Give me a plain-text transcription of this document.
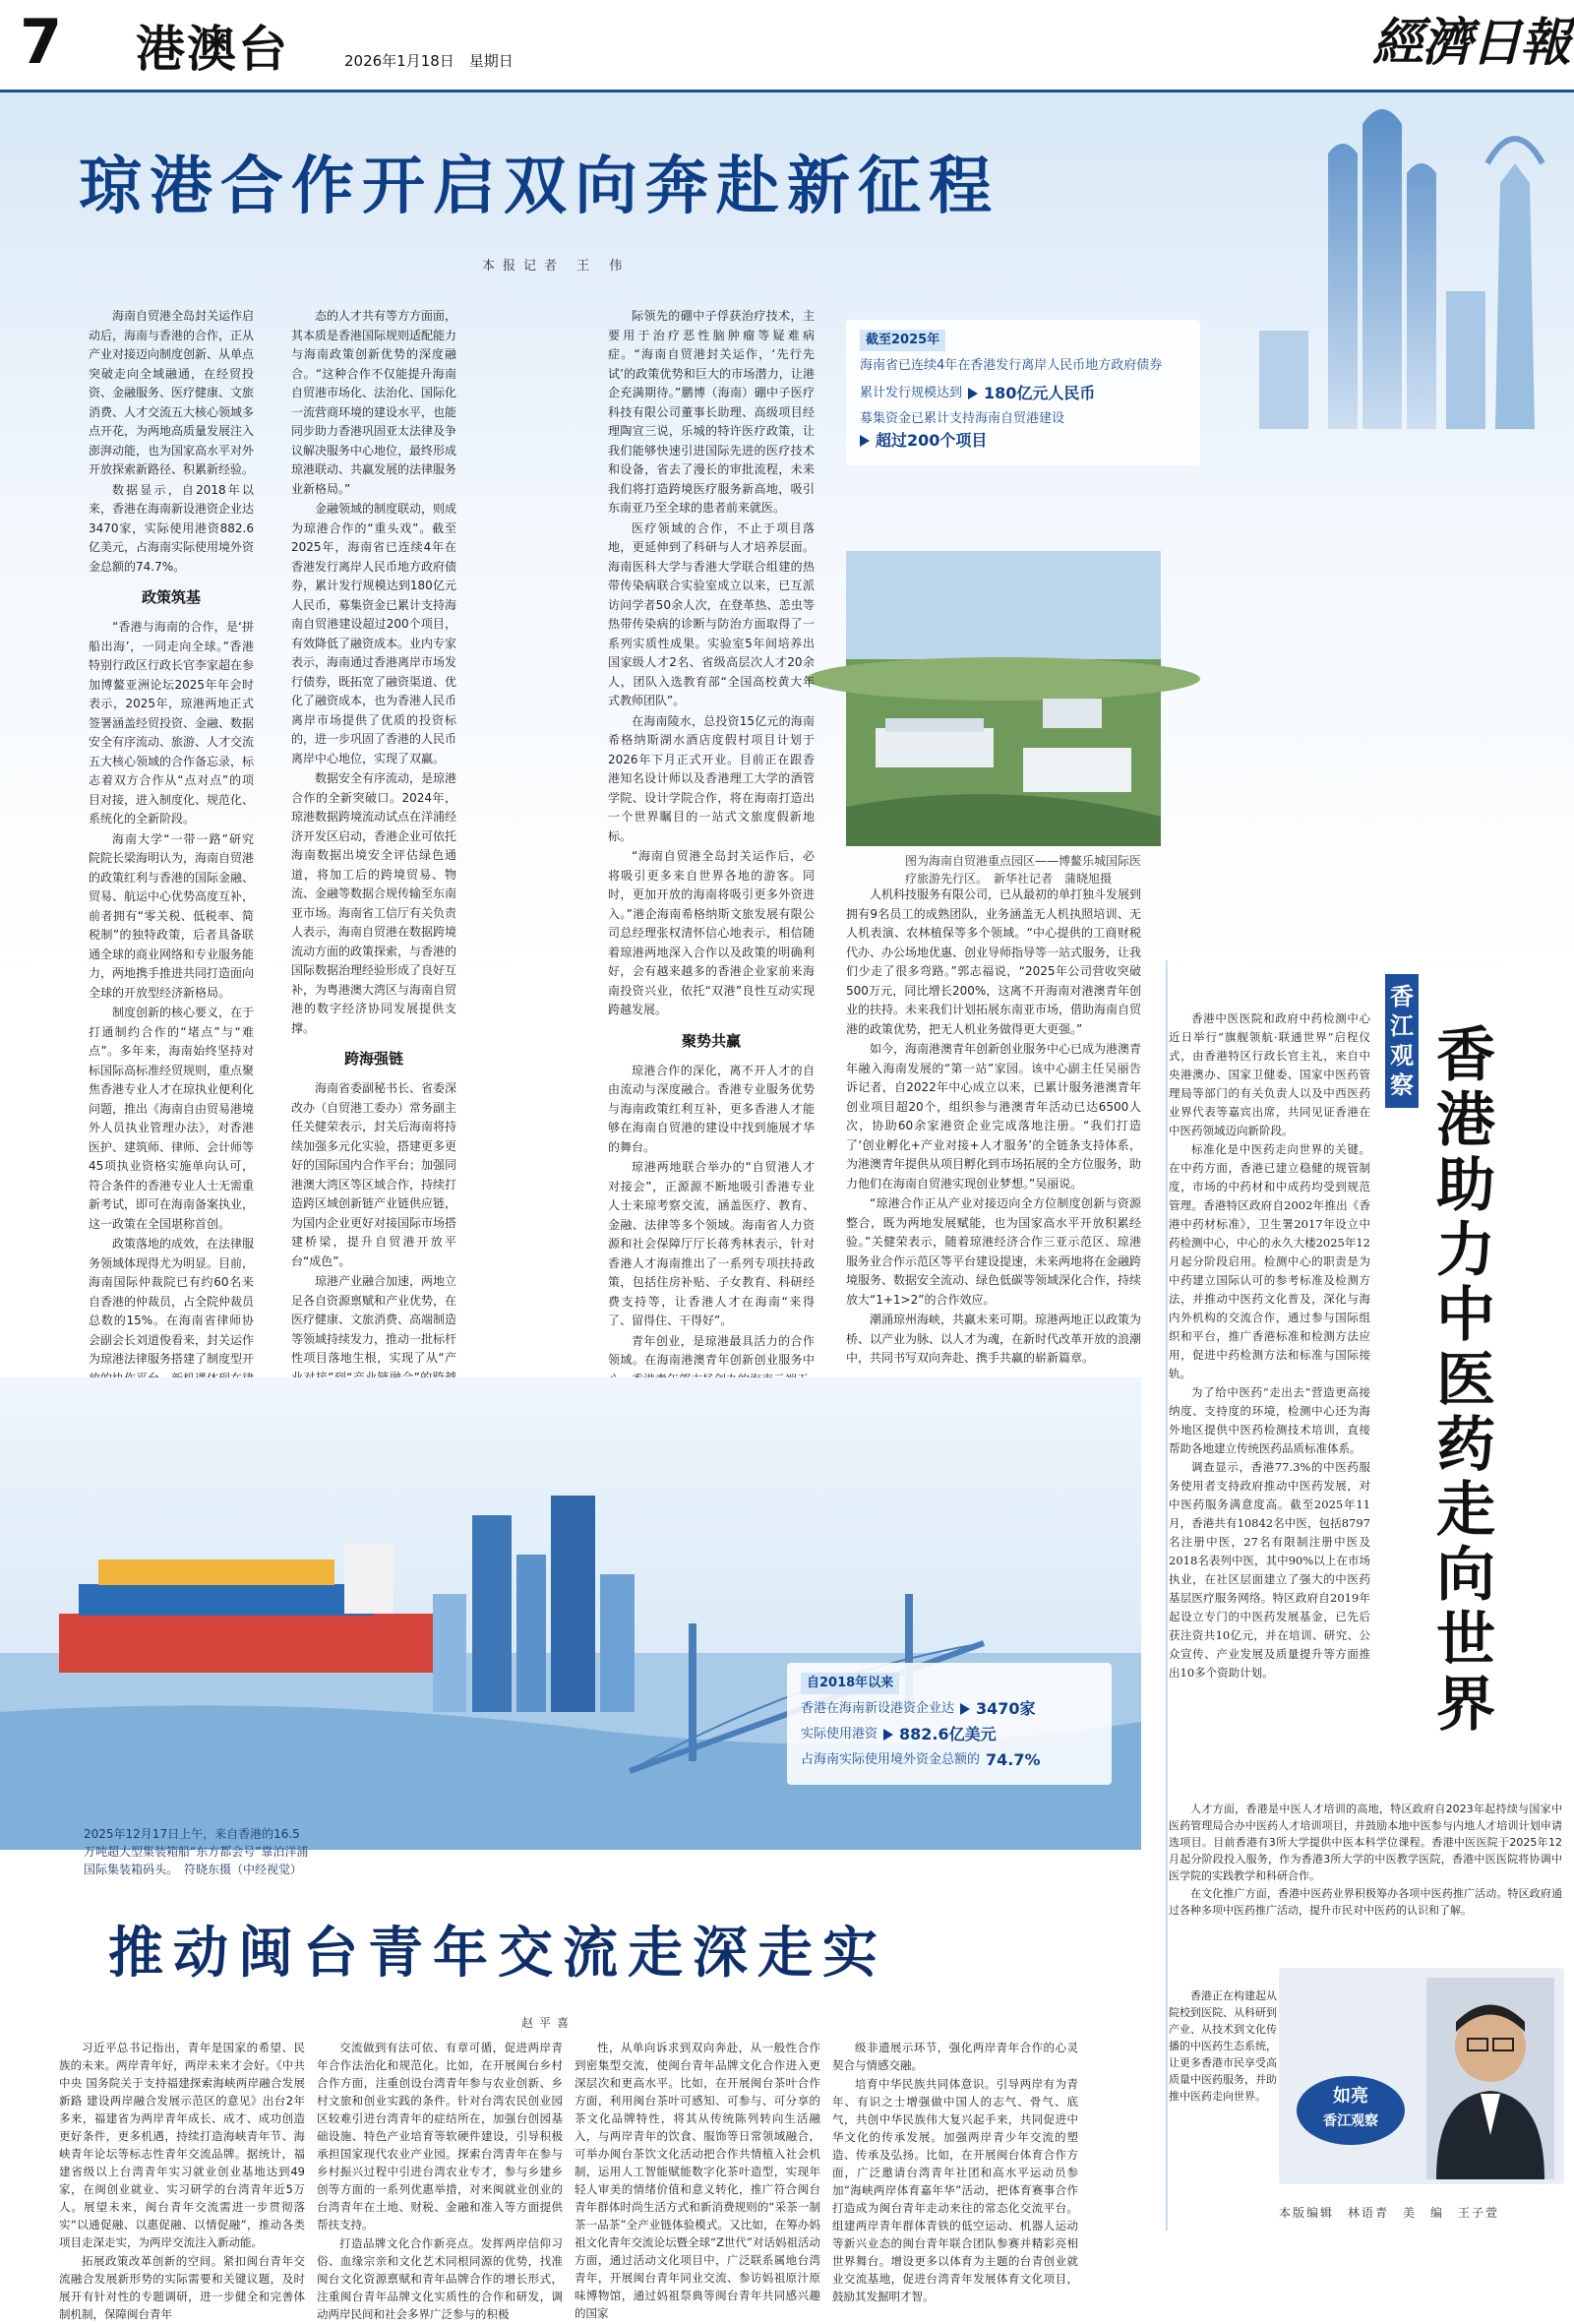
7 港澳台	2026年1月18日　星期日	經濟日報
琼港合作开启双向奔赴新征程
本报记者 王 伟
截至2025年
海南省已连续4年在香港发行离岸人民币地方政府债券
累计发行规模达到 180亿元人民币
募集资金已累计支持海南自贸港建设
超过200个项目
图为海南自贸港重点园区——博鳌乐城国际医疗旅游先行区。　新华社记者　蒲晓旭摄

海南自贸港全岛封关运作启动后，海南与香港的合作，正从产业对接迈向制度创新、从单点突破走向全域融通，在经贸投资、金融服务、医疗健康、文旅消费、人才交流五大核心领域多点开花，为两地高质量发展注入澎湃动能，也为国家高水平对外开放探索新路径、积累新经验。

数据显示，自2018年以来，香港在海南新设港资企业达3470家，实际使用港资882.6亿美元，占海南实际使用境外资金总额的74.7%。

政策筑基

“香港与海南的合作，是‘拼船出海’，一同走向全球。”香港特别行政区行政长官李家超在参加博鳌亚洲论坛2025年年会时表示，2025年，琼港两地正式签署涵盖经贸投资、金融、数据安全有序流动、旅游、人才交流五大核心领域的合作备忘录，标志着双方合作从“点对点”的项目对接，进入制度化、规范化、系统化的全新阶段。

海南大学“一带一路”研究院院长梁海明认为，海南自贸港的政策红利与香港的国际金融、贸易、航运中心优势高度互补，前者拥有“零关税、低税率、简税制”的独特政策，后者具备联通全球的商业网络和专业服务能力，两地携手推进共同打造面向全球的开放型经济新格局。

制度创新的核心要义，在于打通制约合作的“堵点”与“难点”。多年来，海南始终坚持对标国际高标准经贸规则，重点聚焦香港专业人才在琼执业便利化问题，推出《海南自由贸易港境外人员执业管理办法》，对香港医护、建筑师、律师、会计师等45项执业资格实施单向认可，符合条件的香港专业人士无需重新考试，即可在海南备案执业，这一政策在全国堪称首创。

政策落地的成效，在法律服务领域体现得尤为明显。目前，海南国际仲裁院已有约60名来自香港的仲裁员，占全院仲裁员总数的15%。在海南省律师协会副会长刘道俊看来，封关运作为琼港法律服务搭建了制度型开

态的人才共有等方方面面，其本质是香港国际规则适配能力与海南政策创新优势的深度融合。“这种合作不仅能提升海南自贸港市场化、法治化、国际化一流营商环境的建设水平，也能同步助力香港巩固亚太法律及争议解决服务中心地位，最终形成琼港联动、共赢发展的法律服务业新格局。”

金融领域的制度联动，则成为琼港合作的“重头戏”。截至2025年，海南省已连续4年在香港发行离岸人民币地方政府债券，累计发行规模达到180亿元人民币，募集资金已累计支持海南自贸港建设超过200个项目，有效降低了融资成本。业内专家表示，海南通过香港离岸市场发行债券，既拓宽了融资渠道、优化了融资成本，也为香港人民币离岸市场提供了优质的投资标的，进一步巩固了香港的人民币离岸中心地位，实现了双赢。

数据安全有序流动，是琼港合作的全新突破口。2024年，琼港数据跨境流动试点在洋浦经济开发区启动，香港企业可依托海南数据出境安全评估绿色通道，将加工后的跨境贸易、物流、金融等数据合规传输至东南亚市场。海南省工信厅有关负责人表示，海南自贸港在数据跨境流动方面的政策探索，与香港的国际数据治理经验形成了良好互补，为粤港澳大湾区与海南自贸港的数字经济协同发展提供支撑。

跨海强链

海南省委副秘书长、省委深改办（自贸港工委办）常务副主任关健荣表示，封关后海南将持续加强多元化实验，搭建更多更好的国际国内合作平台；加强同港澳大湾区等区域合作，持续打造跨区域创新链产业链供应链，为国内企业更好对接国际市场搭建桥梁，提升自贸港开放平台“成色”。

琼港产业融合加速，两地立足各自资源禀赋和产业优势，在医疗健康、文旅消费、高端制造等领域持续发力，推动一批标杆性项目落地生根，实现了从“产

际领先的硼中子俘获治疗技术，主要用于治疗恶性脑肿瘤等疑难病症。“海南自贸港封关运作，‘先行先试’的政策优势和巨大的市场潜力，让港企充满期待。”鹏博（海南）硼中子医疗科技有限公司董事长助理、高级项目经理陶宣三说，乐城的特许医疗政策，让我们能够快速引进国际先进的医疗技术和设备，省去了漫长的审批流程，未来我们将打造跨境医疗服务新高地，吸引东南亚乃至全球的患者前来就医。

医疗领域的合作，不止于项目落地，更延伸到了科研与人才培养层面。海南医科大学与香港大学联合组建的热带传染病联合实验室成立以来，已互派访问学者50余人次，在登革热、恙虫等热带传染病的诊断与防治方面取得了一系列实质性成果。实验室5年间培养出国家级人才2名、省级高层次人才20余人，团队入选教育部“全国高校黄大年式教师团队”。

在海南陵水，总投资15亿元的海南希格纳斯湖水酒店度假村项目计划于2026年下月正式开业。目前正在跟香港知名设计师以及香港理工大学的酒管学院、设计学院合作，将在海南打造出一个世界瞩目的一站式文旅度假新地标。

“海南自贸港全岛封关运作后，必将吸引更多来自世界各地的游客。同时，更加开放的海南将吸引更多外资进入。”港企海南希格纳斯文旅发展有限公司总经理张权清怀信心地表示，相信随着琼港两地深入合作以及政策的明确利好，会有越来越多的香港企业家前来海南投资兴业，依托“双港”良性互动实现跨越发展。

聚势共赢

琼港合作的深化，离不开人才的自由流动与深度融合。香港专业服务优势与海南政策红利互补，更多香港人才能够在海南自贸港的建设中找到施展才华的舞台。

琼港两地联合举办的“自贸港人才对接会”，正源源不断地吸引香港专业人士来琼考察交流，涵盖医疗、教育、金融、法律等多个领域。海南省人力资源和社会保障厅厅长蒋秀林表示，针对香港人才海南推出了一系列专项扶持政策，包括住房补贴、子女教育、科研经费支持等，让香港人才在海南“来得了、留得住、干得好”。

青年创业，是琼港最具活力的合作领域。在海南港澳青年创新创业服务中

人机科技服务有限公司，已从最初的单打独斗发展到拥有9名员工的成熟团队，业务涵盖无人机执照培训、无人机表演、农林植保等多个领域。“中心提供的工商财税代办、办公场地优惠、创业导师指导等一站式服务，让我们少走了很多弯路。”郭志福说，“2025年公司营收突破500万元，同比增长200%，这离不开海南对港澳青年创业的扶持。未来我们计划拓展东南亚市场，借助海南自贸港的政策优势，把无人机业务做得更大更强。”

如今，海南港澳青年创新创业服务中心已成为港澳青年融入海南发展的“第一站”家园。该中心副主任吴丽告诉记者，自2022年中心成立以来，已累计服务港澳青年创业项目超20个，组织参与港澳青年活动已达6500人次，协助60余家港资企业完成落地注册。“我们打造了‘创业孵化+产业对接+人才服务’的全链条支持体系，为港澳青年提供从项目孵化到市场拓展的全方位服务，助力他们在海南自贸港实现创业梦想。”吴丽说。

“琼港合作正从产业对接迈向全方位制度创新与资源整合，既为两地发展赋能，也为国家高水平开放积累经验。”关健荣表示，随着琼港经济合作三亚示范区、琼港服务业合作示范区等平台建设提速，未来两地将在金融跨境服务、数据安全流动、绿色低碳等领域深化合作，持续放大“1+1>2”的合作效应。

潮涌琼州海峡，共赢未来可期。琼港两地正以政策为桥、以产业为脉、以人才为魂，在新时代改革开放的浪潮中，共同书写双向奔赴、携手共赢的崭新篇章。

2025年12月17日上午，来自香港的16.5万吨超大型集装箱船“东方都会号”靠泊洋浦国际集装箱码头。　符晓东摄（中经视觉）
自2018年以来
香港在海南新设港资企业达 3470家
实际使用港资 882.6亿美元
占海南实际使用境外资金总额的 74.7%
推动闽台青年交流走深走实
赵平喜

习近平总书记指出，青年是国家的希望、民族的未来。两岸青年好，两岸未来才会好。《中共中央 国务院关于支持福建探索海峡两岸融合发展新路 建设两岸融合发展示范区的意见》出台2年多来，福建省为两岸青年成长、成才、成功创造更好条件，更多机遇，持续打造海峡青年节、海峡青年论坛等标志性青年交流品牌。据统计，福建省级以上台湾青年实习就业创业基地达到49家，在闽创业就业、实习研学的台湾青年近5万人。展望未来，闽台青年交流需进一步贯彻落实“以通促融、以惠促融、以情促融”，推动各类项目走深走实，为两岸交流注入新动能。

拓展政策改革创新的空间。紧扣闽台青年交流融合发展新形势的实际需要和关键议题，及时展开有针对性的专题调研，进一步健全和完善体制机制，保障闽台青年

交流做到有法可依、有章可循，促进两岸青年合作法治化和规范化。比如，在开展闽台乡村合作方面，注重创设台湾青年参与农业创新、乡村文旅和创业实践的条件。针对台湾农民创业园区较难引进台湾青年的症结所在，加强台创园基础设施、特色产业培育等软硬件建设，引导积极承担国家现代农业产业园。探索台湾青年在参与乡村振兴过程中引进台湾农业专才，参与乡建乡创等方面的一系列优惠举措，对来闽就业创业的台湾青年在土地、财税、金融和准入等方面提供帮扶支持。

打造品牌文化合作新亮点。发挥两岸信仰习俗、血缘宗亲和文化艺术同根同源的优势，找准闽台文化资源禀赋和青年品牌合作的增长形式，注重闽台青年品牌文化实质性的合作和研发，调动两岸民间和社会多界广泛参与的积极

性，从单向诉求到双向奔赴，从一般性合作到密集型交流，使闽台青年品牌文化合作进入更深层次和更高水平。比如，在开展闽台茶叶合作方面，利用闽台茶叶可感知、可参与、可分享的茶文化品牌特性，将其从传统陈列转向生活融入，与两岸青年的饮食、服饰等日常领域融合，可举办闽台茶饮文化活动把合作共情植入社会机制，运用人工智能赋能数字化茶叶造型，实现年轻人审美的情绪价值和意义转化，推广符合闽台青年群体时尚生活方式和新消费规则的“采茶一制茶一品茶”全产业链体验模式。又比如，在筹办妈祖文化青年交流论坛暨全球“Z世代”对话妈祖活动方面，通过活动文化项目中，广泛联系属地台湾青年，开展闽台青年同业交流、参访妈祖原汁原味博物馆，通过妈祖祭典等闽台青年共同感兴趣的国家

级非遗展示环节，强化两岸青年合作的心灵契合与情感交融。

培育中华民族共同体意识。引导两岸有为青年、有识之士增强做中国人的志气、骨气、底气，共创中华民族伟大复兴起手来，共同促进中华文化的传承发展。加强两岸青少年交流的塑造、传承及弘扬。比如，在开展闽台体育合作方面，广泛邀请台湾青年社团和高水平运动员参加“海峡两岸体育嘉年华”活动，把体育赛事合作打造成为闽台青年走动来往的常态化交流平台。组建两岸青年群体青铁的低空运动、机器人运动等新兴业态的闽台青年联合团队参赛并精彩亮相世界舞台。增设更多以体育为主题的台青创业就业交流基地，促进台湾青年发展体育文化项目，鼓励其发掘明才智。

香江观察 香港助力中医药走向世界

香港中医医院和政府中药检测中心近日举行“旗舰领航·联通世界”启程仪式，由香港特区行政长官主礼，来自中央港澳办、国家卫健委、国家中医药管理局等部门的有关负责人以及中西医药业界代表等嘉宾出席，共同见证香港在中医药领域迈向新阶段。

标准化是中医药走向世界的关键。在中药方面，香港已建立稳健的规管制度，市场的中药材和中成药均受到规范管理。香港特区政府自2002年推出《香港中药材标准》，卫生署2017年设立中药检测中心，中心的永久大楼2025年12月起分阶段启用。检测中心的职责是为中药建立国际认可的参考标准及检测方法，并推动中医药文化普及，深化与海内外机构的交流合作，通过参与国际组织和平台，推广香港标准和检测方法应用，促进中药检测方法和标准与国际接轨。

为了给中医药“走出去”营造更高接纳度、支持度的环境，检测中心还为海外地区提供中医药检测技术培训，直接帮助各地建立传统医药品质标准体系。

调查显示，香港77.3%的中医药服务使用者支持政府推动中医药发展，对中医药服务满意度高。截至2025年11月，香港共有10842名中医，包括8797名注册中医，27名有限制注册中医及2018名表列中医，其中90%以上在市场执业，在社区层面建立了强大的中医药基层医疗服务网络。特区政府自2019年起设立专门的中医药发展基金，已先后获注资共10亿元，并在培训、研究、公众宣传、产业发展及质量提升等方面推出10多个资助计划。

人才方面，香港是中医人才培训的高地，特区政府自2023年起持续与国家中医药管理局合办中医药人才培训项目，并鼓励本地中医参与内地人才培训计划申请选项目。目前香港有3所大学提供中医本科学位课程。香港中医医院于2025年12月起分阶段投入服务，作为香港3所大学的中医教学医院，香港中医医院将协调中医学院的实践教学和科研合作。

在文化推广方面，香港中医药业界积极筹办各项中医药推广活动。特区政府通过各种多项中医药推广活动，提升市民对中医药的认识和了解。

香港正在构建起从院校到医院、从科研到产业、从技术到文化传播的中医药生态系统，让更多香港市民享受高质量中医药服务，并助推中医药走向世界。	如亮
香江观察
本版编辑　林语青　美　编　王子萱
